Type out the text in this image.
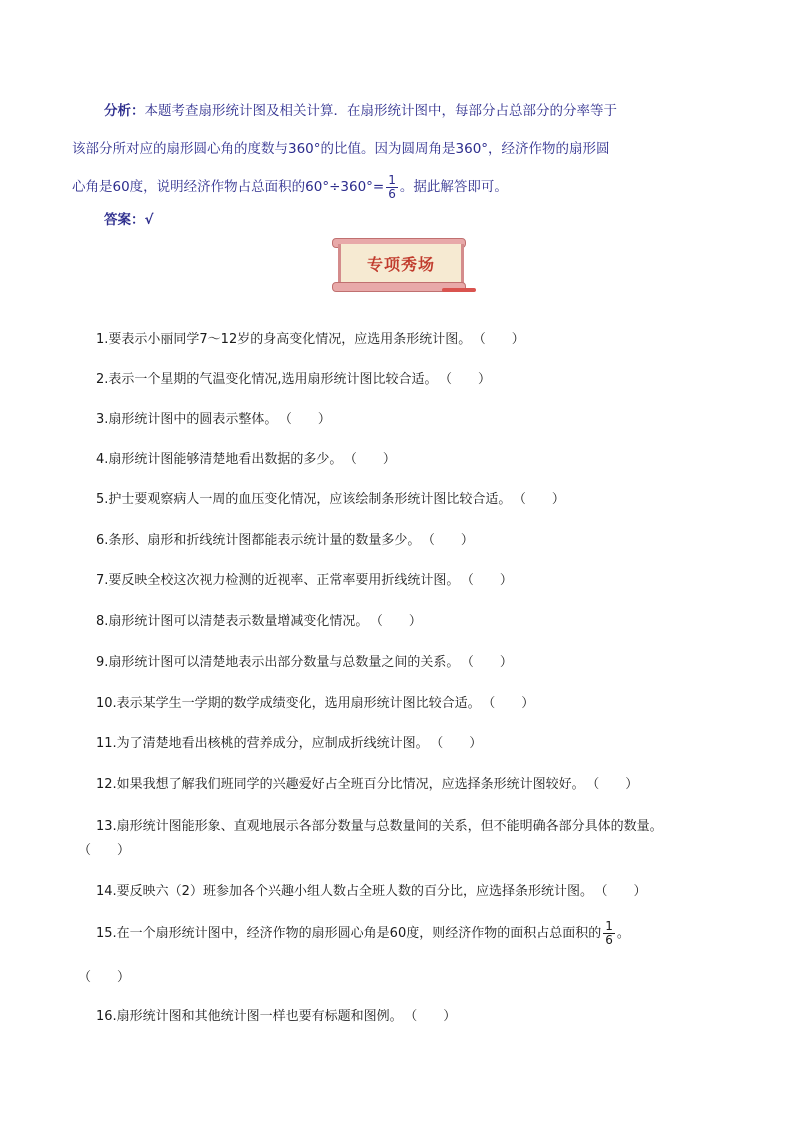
分析：本题考查扇形统计图及相关计算．在扇形统计图中，每部分占总部分的分率等于
该部分所对应的扇形圆心角的度数与360°的比值。因为圆周角是360°，经济作物的扇形圆
心角是60度，说明经济作物占总面积的$60^\circ\div 360^\circ= \frac{1}{6}$ 。据此解答即可。
答案：√
专项秀场
1.要表示小丽同学7～12岁的身高变化情况，应选用条形统计图。 （　　）
2.表示一个星期的气温变化情况,选用扇形统计图比较合适。 （　　）
3.扇形统计图中的圆表示整体。 （　　）
4.扇形统计图能够清楚地看出数据的多少。 （　　）
5.护士要观察病人一周的血压变化情况，应该绘制条形统计图比较合适。 （　　）
6.条形、扇形和折线统计图都能表示统计量的数量多少。 （　　）
7.要反映全校这次视力检测的近视率、正常率要用折线统计图。 （　　）
8.扇形统计图可以清楚表示数量增减变化情况。 （　　）
9.扇形统计图可以清楚地表示出部分数量与总数量之间的关系。 （　　）
10.表示某学生一学期的数学成绩变化，选用扇形统计图比较合适。 （　　）
11.为了清楚地看出核桃的营养成分，应制成折线统计图。 （　　）
12.如果我想了解我们班同学的兴趣爱好占全班百分比情况，应选择条形统计图较好。 （　　）
13.扇形统计图能形象、直观地展示各部分数量与总数量间的关系，但不能明确各部分具体的数量。
（　　）
14.要反映六（2）班参加各个兴趣小组人数占全班人数的百分比，应选择条形统计图。 （　　）
15.在一个扇形统计图中，经济作物的扇形圆心角是60度，则经济作物的面积占总面积的 $\frac{1}{6}$ 。
（　　）
16.扇形统计图和其他统计图一样也要有标题和图例。 （　　）
